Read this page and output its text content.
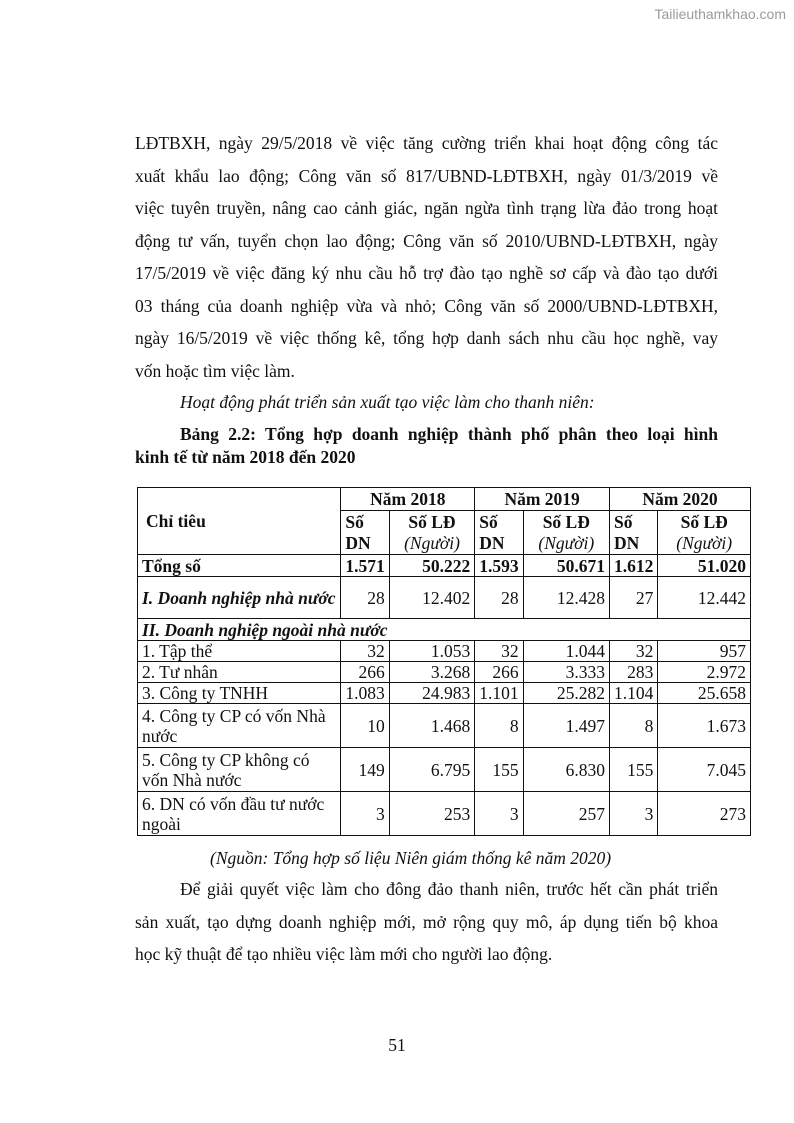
Tailieuthamkhao.com
LĐTBXH, ngày 29/5/2018 về việc tăng cường triển khai hoạt động công tác
xuất khẩu lao động; Công văn số 817/UBND-LĐTBXH, ngày 01/3/2019 về
việc tuyên truyền, nâng cao cảnh giác, ngăn ngừa tình trạng lừa đảo trong hoạt
động tư vấn, tuyển chọn lao động; Công văn số 2010/UBND-LĐTBXH, ngày
17/5/2019 về việc đăng ký nhu cầu hỗ trợ đào tạo nghề sơ cấp và đào tạo dưới
03 tháng của doanh nghiệp vừa và nhỏ; Công văn số 2000/UBND-LĐTBXH,
ngày 16/5/2019 về việc thống kê, tổng hợp danh sách nhu cầu học nghề, vay
vốn hoặc tìm việc làm.
Hoạt động phát triển sản xuất tạo việc làm cho thanh niên:
Bảng 2.2: Tổng hợp doanh nghiệp thành phố phân theo loại hình
kinh tế từ năm 2018 đến 2020
Chỉ tiêu	Năm 2018		Năm 2019		Năm 2020	
	Số	Số LĐ	Số	Số LĐ	Số	Số LĐ
	DN	(Người)	DN	(Người)	DN	(Người)
Tổng số	1.571	50.222	1.593	50.671	1.612	51.020
I. Doanh nghiệp nhà nước	28	12.402	28	12.428	27	12.442
II. Doanh nghiệp ngoài nhà nước						
1. Tập thể	32	1.053	32	1.044	32	957
2. Tư nhân	266	3.268	266	3.333	283	2.972
3. Công ty TNHH	1.083	24.983	1.101	25.282	1.104	25.658
4. Công ty CP có vốn Nhà nước	10	1.468	8	1.497	8	1.673
5. Công ty CP không có vốn Nhà nước	149	6.795	155	6.830	155	7.045
6. DN có vốn đầu tư nước ngoài	3	253	3	257	3	273
(Nguồn: Tổng hợp số liệu Niên giám thống kê năm 2020)
Để giải quyết việc làm cho đông đảo thanh niên, trước hết cần phát triển
sản xuất, tạo dựng doanh nghiệp mới, mở rộng quy mô, áp dụng tiến bộ khoa
học kỹ thuật để tạo nhiều việc làm mới cho người lao động.
51
